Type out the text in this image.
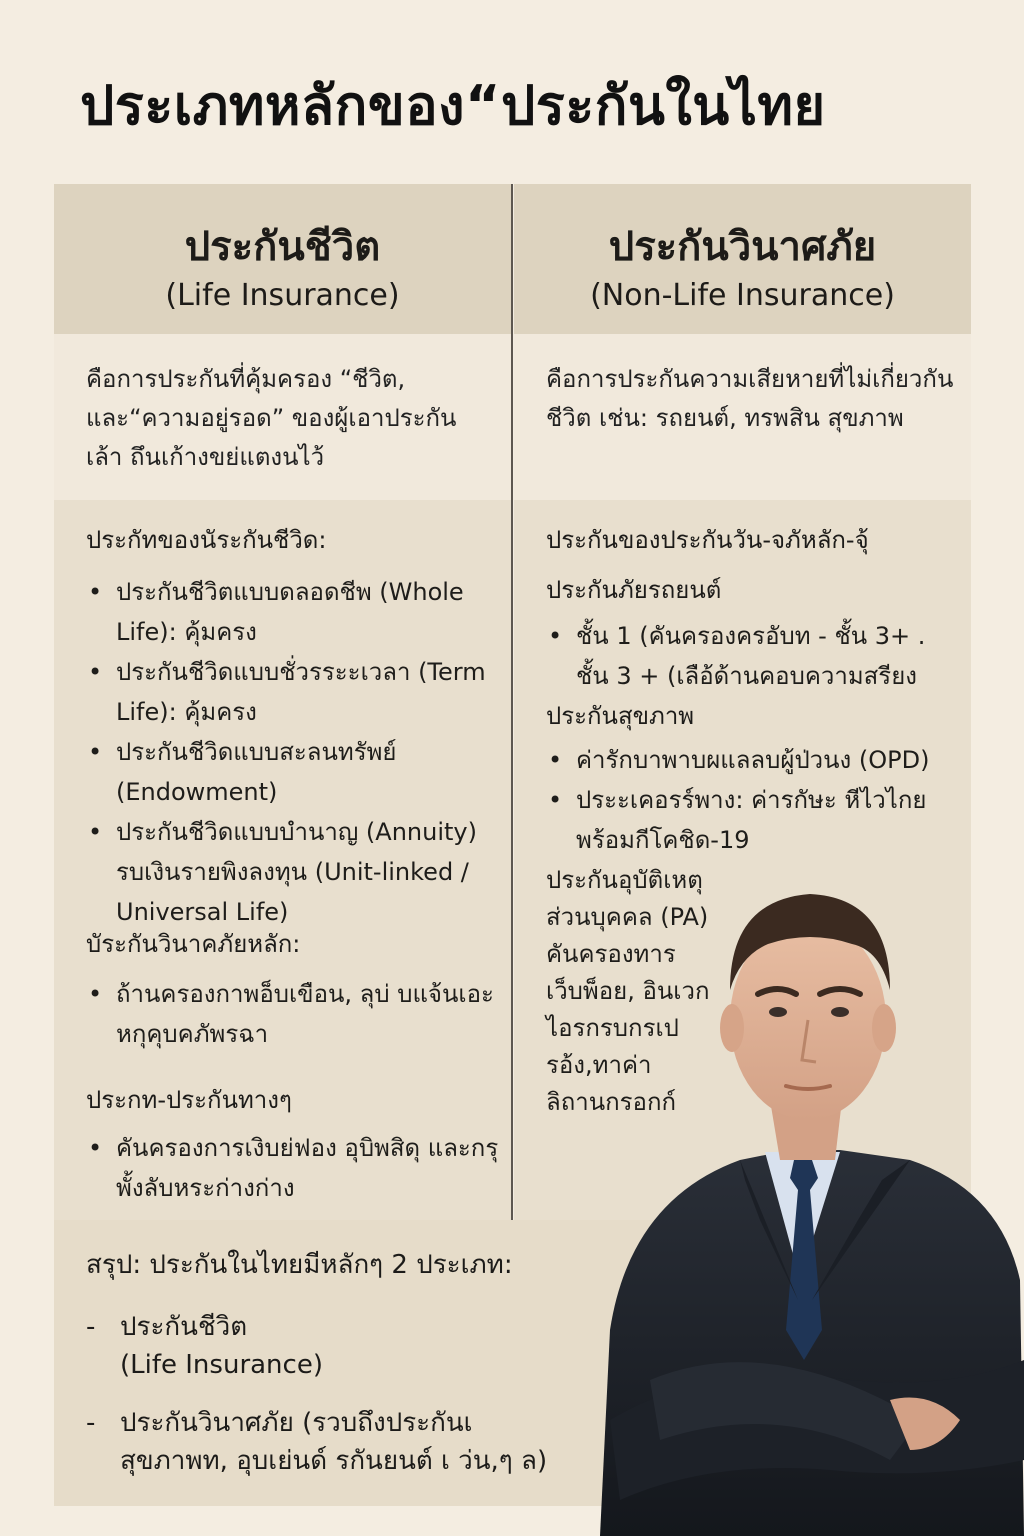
ประเภทหลักของ“ประกันในไทย
ประกันชีวิต
(Life Insurance)

คือการประกันที่คุ้มครอง “ชีวิต, และ“ความอยู่รอด” ของผู้เอาประกัน เล้า ถึนเก้างขย่แตงนไว้

ประกัทของนัระกันชีวิด:

• ประกันชีวิตแบบดลอดชีพ (Whole Life): คุ้มครง
• ประกันชีวิดแบบชั่วรระะเวลา (Term Life): คุ้มครง
• ประกันชีวิดแบบสะลนทรัพย์ (Endowment)
• ประกันชีวิดแบบบำนาญ (Annuity) รบเงินรายพิงลงทุน (Unit-linked / Universal Life)

บัระกันวินาคภัยหลัก:

• ถ้านครองกาพอ็บเขือน, ลุบ่ บแจ้นเอะ หกุคุบคภัพรฉา

ประกท-ประกันทางๆ

• คันครองการเงิบย่ฟอง อุบิพสิดุ และกรุพั้งลับหระก่างก่าง
ประกันวินาศภัย
(Non-Life Insurance)

คือการประกันความเสียหายที่ไม่เกี่ยวกันชีวิต เช่น: รถยนต์, ทรพสิน สุขภาพ

ประกันของประกันวัน-จภัหลัก-จุ้

ประกันภัยรถยนต์

• ชั้น 1 (คันครองครอับท - ชั้น 3+ . ชั้น 3 + (เลือ้ด้านคอบความสรียง

ประกันสุขภาพ

• ค่ารักบาพาบผแลลบผู้ป่วนง (OPD)
• ประะเคอรร์พาง: ค่ารกัษะ หีไวไกย พร้อมกีโคชิด-19

ประกันอุบัติเหตุ

ส่วนบุคคล (PA)

คันครองทาร

เว็บพ็อย, อินเวก

ไอรกรบกรเป

รอ้ง,ทาค่า

ลิถานกรอกก์

สรุป: ประกันในไทยมีหลักๆ 2 ประเภท:
- ประกันชีวิต
(Life Insurance)
- ประกันวินาศภัย (รวบถึงประกันเ
สุขภาพท, อุบเย่นด์ รกันยนต์ เ ว่น,ๆ ล)
